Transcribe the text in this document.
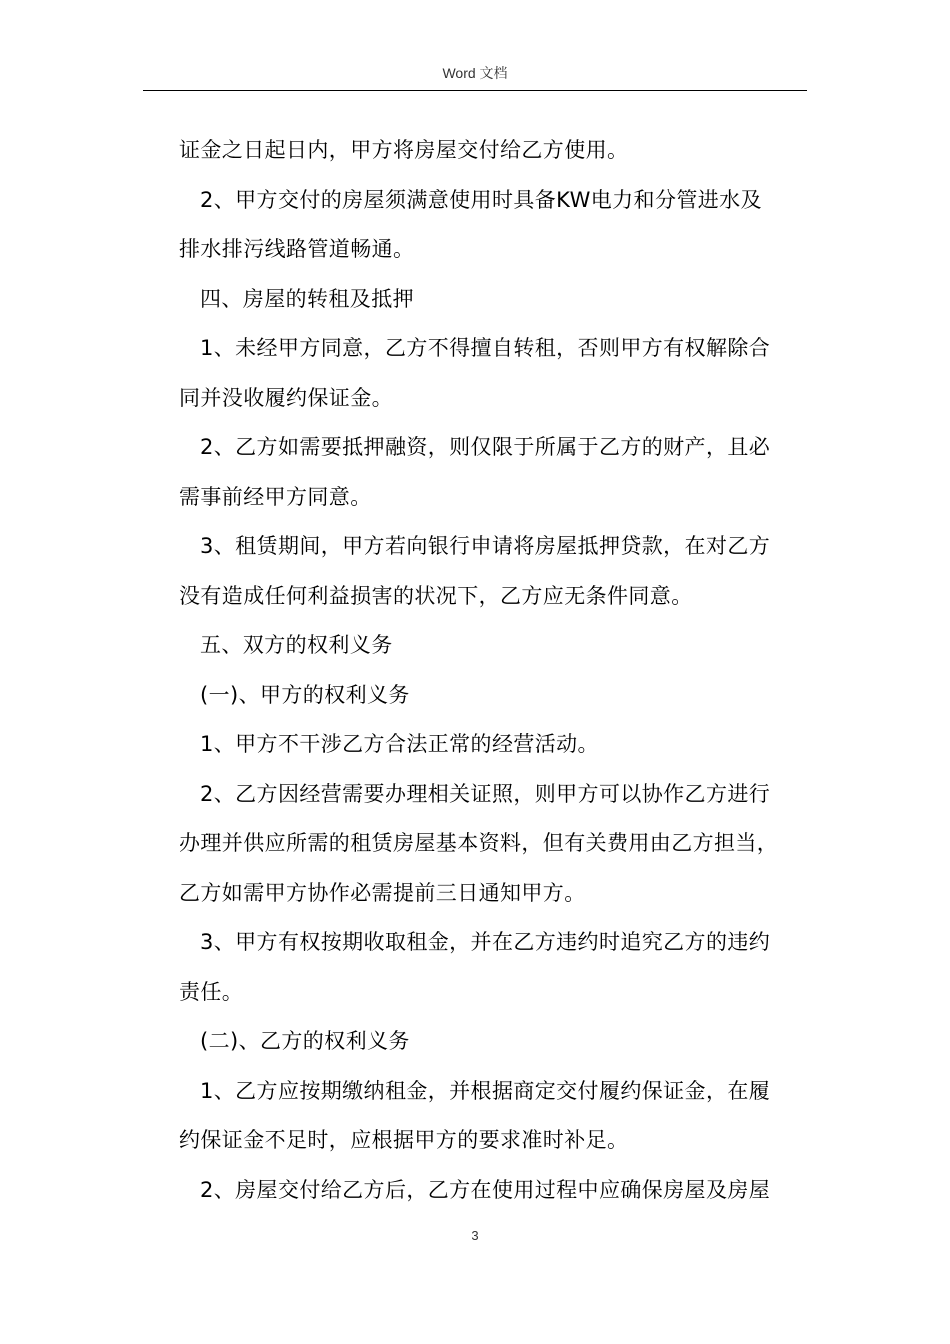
Word 文档

证金之日起日内，甲方将房屋交付给乙方使用。

2、甲方交付的房屋须满意使用时具备KW电力和分管进水及

排水排污线路管道畅通。

四、房屋的转租及抵押

1、未经甲方同意，乙方不得擅自转租，否则甲方有权解除合

同并没收履约保证金。

2、乙方如需要抵押融资，则仅限于所属于乙方的财产，且必

需事前经甲方同意。

3、租赁期间，甲方若向银行申请将房屋抵押贷款，在对乙方

没有造成任何利益损害的状况下，乙方应无条件同意。

五、双方的权利义务

(一)、甲方的权利义务

1、甲方不干涉乙方合法正常的经营活动。

2、乙方因经营需要办理相关证照，则甲方可以协作乙方进行

办理并供应所需的租赁房屋基本资料，但有关费用由乙方担当，

乙方如需甲方协作必需提前三日通知甲方。

3、甲方有权按期收取租金，并在乙方违约时追究乙方的违约

责任。

(二)、乙方的权利义务

1、乙方应按期缴纳租金，并根据商定交付履约保证金，在履

约保证金不足时，应根据甲方的要求准时补足。

2、房屋交付给乙方后，乙方在使用过程中应确保房屋及房屋

3
